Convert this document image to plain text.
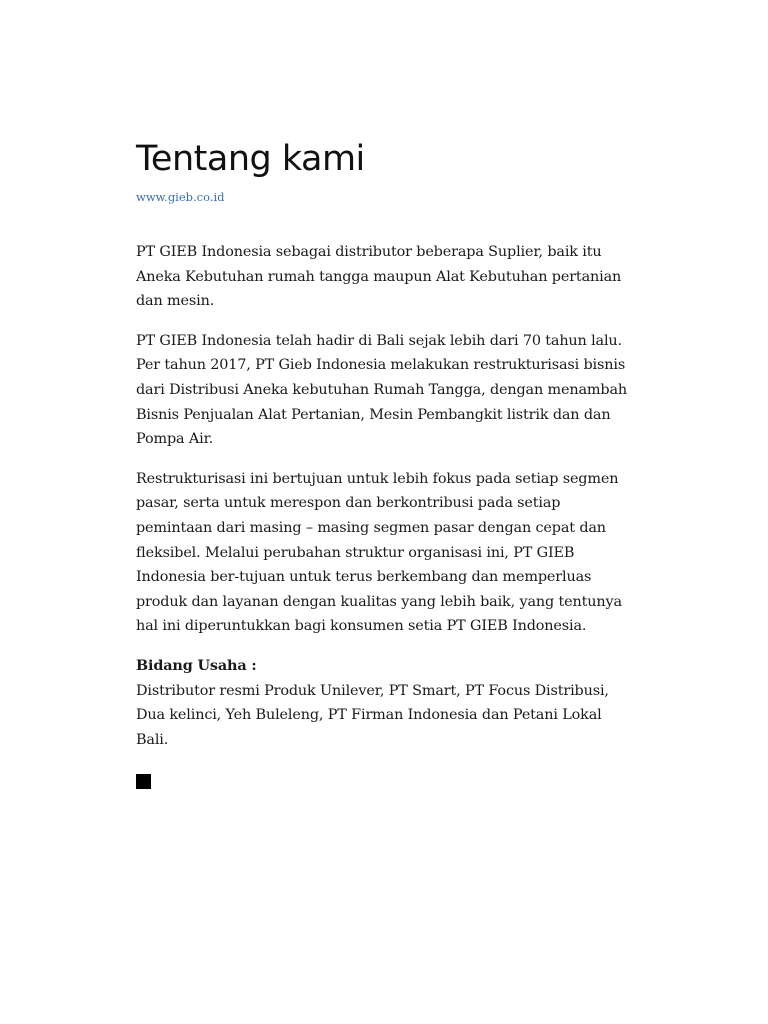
Tentang kami
www.gieb.co.id

PT GIEB Indonesia sebagai distributor beberapa Suplier, baik itu Aneka Kebutuhan rumah tangga maupun Alat Kebutuhan pertanian dan mesin.

PT GIEB Indonesia telah hadir di Bali sejak lebih dari 70 tahun lalu. Per tahun 2017, PT Gieb Indonesia melakukan restrukturisasi bisnis dari Distribusi Aneka kebutuhan Rumah Tangga, dengan menambah Bisnis Penjualan Alat Pertanian, Mesin Pembangkit listrik dan dan Pompa Air.

Restrukturisasi ini bertujuan untuk lebih fokus pada setiap segmen pasar, serta untuk merespon dan berkontribusi pada setiap pemintaan dari masing – masing segmen pasar dengan cepat dan fleksibel. Melalui perubahan struktur organisasi ini, PT GIEB Indonesia ber-tujuan untuk terus berkembang dan memperluas produk dan layanan dengan kualitas yang lebih baik, yang tentunya hal ini diperuntukkan bagi konsumen setia PT GIEB Indonesia.

Bidang Usaha :

Distributor resmi Produk Unilever, PT Smart, PT Focus Distribusi, Dua kelinci, Yeh Buleleng, PT Firman Indonesia dan Petani Lokal Bali.
